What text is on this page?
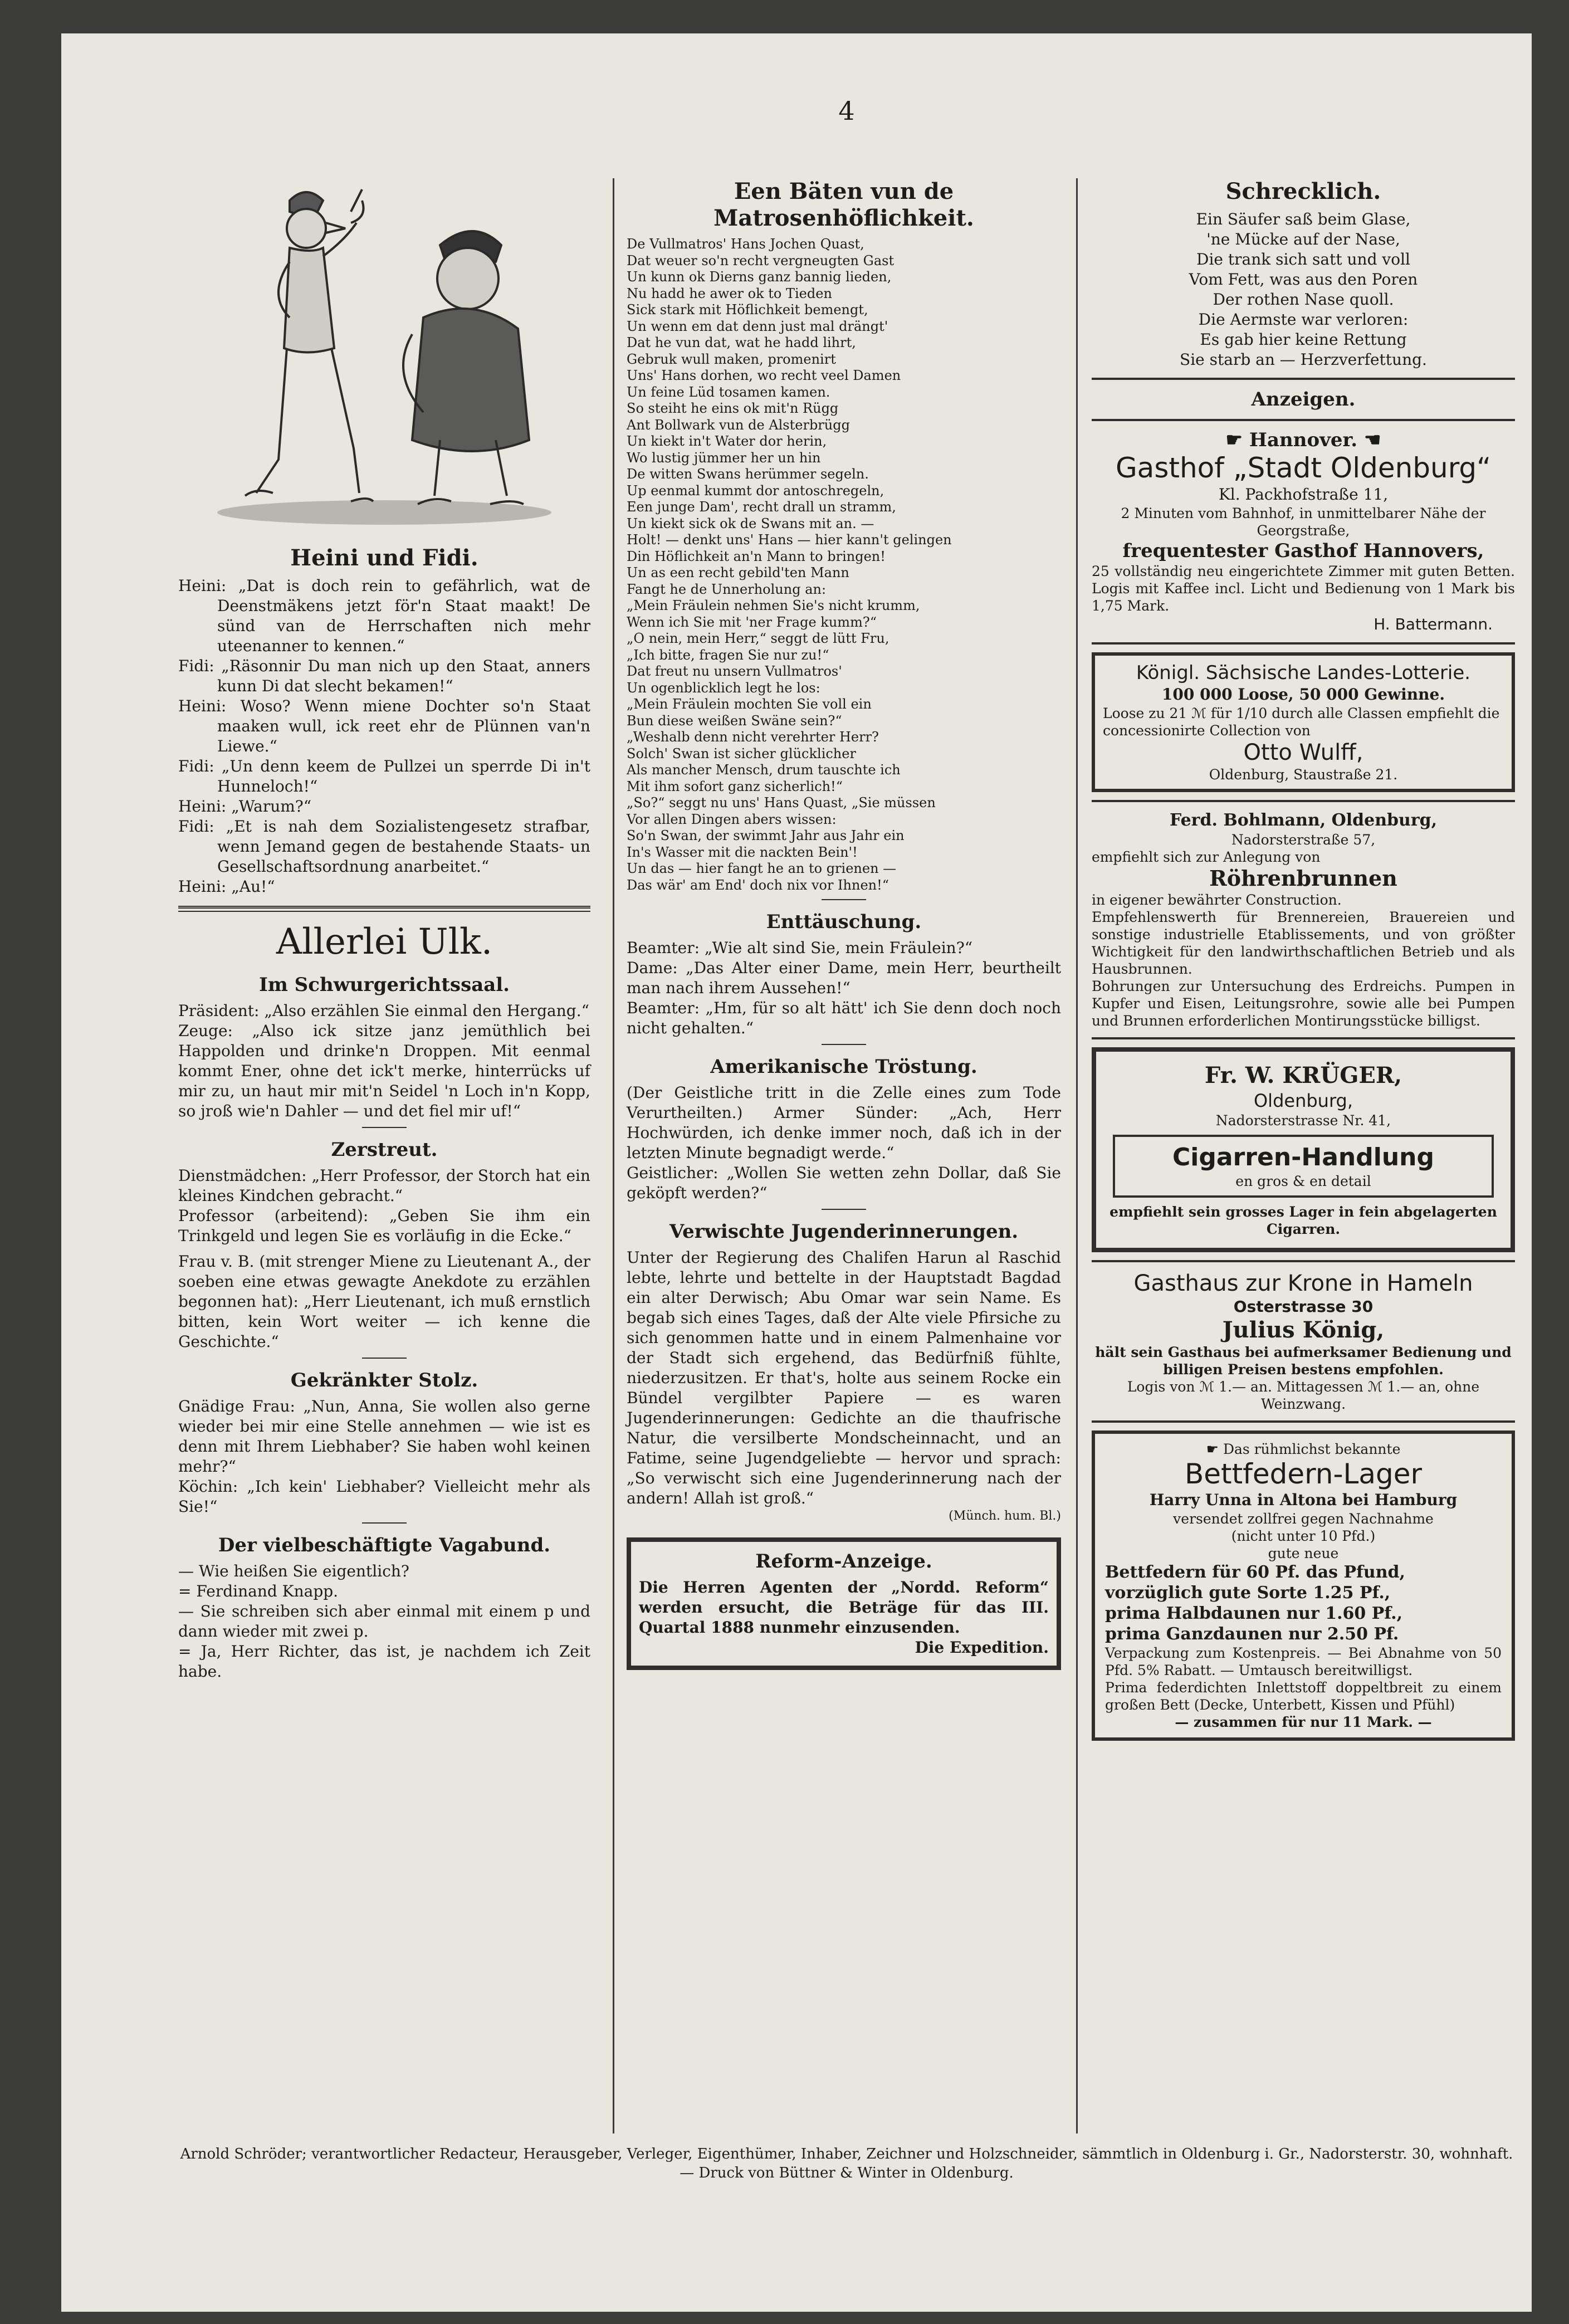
4
Heini und Fidi.

Heini: „Dat is doch rein to gefährlich, wat de Deenstmäkens jetzt för'n Staat maakt! De sünd van de Herrschaften nich mehr uteenanner to kennen.“

Fidi: „Räsonnir Du man nich up den Staat, anners kunn Di dat slecht bekamen!“

Heini: Woso? Wenn miene Dochter so'n Staat maaken wull, ick reet ehr de Plünnen van'n Liewe.“

Fidi: „Un denn keem de Pullzei un sperrde Di in't Hunneloch!“

Heini: „Warum?“

Fidi: „Et is nah dem Sozialistengesetz strafbar, wenn Jemand gegen de bestahende Staats- un Gesellschaftsordnung anarbeitet.“

Heini: „Au!“

Allerlei Ulk.
Im Schwurgerichtssaal.

Präsident: „Also erzählen Sie einmal den Hergang.“

Zeuge: „Also ick sitze janz jemüthlich bei Happolden und drinke'n Droppen. Mit eenmal kommt Ener, ohne det ick't merke, hinterrücks uf mir zu, un haut mir mit'n Seidel 'n Loch in'n Kopp, so jroß wie'n Dahler — und det fiel mir uf!“

Zerstreut.

Dienstmädchen: „Herr Professor, der Storch hat ein kleines Kindchen gebracht.“

Professor (arbeitend): „Geben Sie ihm ein Trinkgeld und legen Sie es vorläufig in die Ecke.“

Frau v. B. (mit strenger Miene zu Lieutenant A., der soeben eine etwas gewagte Anekdote zu erzählen begonnen hat): „Herr Lieutenant, ich muß ernstlich bitten, kein Wort weiter — ich kenne die Geschichte.“

Gekränkter Stolz.

Gnädige Frau: „Nun, Anna, Sie wollen also gerne wieder bei mir eine Stelle annehmen — wie ist es denn mit Ihrem Liebhaber? Sie haben wohl keinen mehr?“

Köchin: „Ich kein' Liebhaber? Vielleicht mehr als Sie!“

Der vielbeschäftigte Vagabund.

— Wie heißen Sie eigentlich?

= Ferdinand Knapp.

— Sie schreiben sich aber einmal mit einem p und dann wieder mit zwei p.

= Ja, Herr Richter, das ist, je nachdem ich Zeit habe.

Een Bäten vun de Matrosenhöflichkeit.
De Vullmatros' Hans Jochen Quast,
Dat weuer so'n recht vergneugten Gast
Un kunn ok Dierns ganz bannig lieden,
Nu hadd he awer ok to Tieden
Sick stark mit Höflichkeit bemengt,
Un wenn em dat denn just mal drängt'
Dat he vun dat, wat he hadd lihrt,
Gebruk wull maken, promenirt
Uns' Hans dorhen, wo recht veel Damen
Un feine Lüd tosamen kamen.
So steiht he eins ok mit'n Rügg
Ant Bollwark vun de Alsterbrügg
Un kiekt in't Water dor herin,
Wo lustig jümmer her un hin
De witten Swans herümmer segeln.
Up eenmal kummt dor antoschregeln,
Een junge Dam', recht drall un stramm,
Un kiekt sick ok de Swans mit an. —
Holt! — denkt uns' Hans — hier kann't gelingen
Din Höflichkeit an'n Mann to bringen!
Un as een recht gebild'ten Mann
Fangt he de Unnerholung an:
„Mein Fräulein nehmen Sie's nicht krumm,
Wenn ich Sie mit 'ner Frage kumm?“
„O nein, mein Herr,“ seggt de lütt Fru,
„Ich bitte, fragen Sie nur zu!“
Dat freut nu unsern Vullmatros'
Un ogenblicklich legt he los:
„Mein Fräulein mochten Sie voll ein
Bun diese weißen Swäne sein?“
„Weshalb denn nicht verehrter Herr?
Solch' Swan ist sicher glücklicher
Als mancher Mensch, drum tauschte ich
Mit ihm sofort ganz sicherlich!“
„So?“ seggt nu uns' Hans Quast, „Sie müssen
Vor allen Dingen abers wissen:
So'n Swan, der swimmt Jahr aus Jahr ein
In's Wasser mit die nackten Bein'!
Un das — hier fangt he an to grienen —
Das wär' am End' doch nix vor Ihnen!“
Enttäuschung.

Beamter: „Wie alt sind Sie, mein Fräulein?“

Dame: „Das Alter einer Dame, mein Herr, beurtheilt man nach ihrem Aussehen!“

Beamter: „Hm, für so alt hätt' ich Sie denn doch noch nicht gehalten.“

Amerikanische Tröstung.

(Der Geistliche tritt in die Zelle eines zum Tode Verurtheilten.) Armer Sünder: „Ach, Herr Hochwürden, ich denke immer noch, daß ich in der letzten Minute begnadigt werde.“

Geistlicher: „Wollen Sie wetten zehn Dollar, daß Sie geköpft werden?“

Verwischte Jugenderinnerungen.

Unter der Regierung des Chalifen Harun al Raschid lebte, lehrte und bettelte in der Hauptstadt Bagdad ein alter Derwisch; Abu Omar war sein Name. Es begab sich eines Tages, daß der Alte viele Pfirsiche zu sich genommen hatte und in einem Palmenhaine vor der Stadt sich ergehend, das Bedürfniß fühlte, niederzusitzen. Er that's, holte aus seinem Rocke ein Bündel vergilbter Papiere — es waren Jugenderinnerungen: Gedichte an die thaufrische Natur, die versilberte Mondscheinnacht, und an Fatime, seine Jugendgeliebte — hervor und sprach: „So verwischt sich eine Jugenderinnerung nach der andern! Allah ist groß.“

(Münch. hum. Bl.)

Reform-Anzeige.

Die Herren Agenten der „Nordd. Reform“ werden ersucht, die Beträge für das III. Quartal 1888 nunmehr einzusenden.

Die Expedition.

Schrecklich.
Ein Säufer saß beim Glase,
'ne Mücke auf der Nase,
Die trank sich satt und voll
Vom Fett, was aus den Poren
Der rothen Nase quoll.
Die Aermste war verloren:
Es gab hier keine Rettung
Sie starb an — Herzverfettung.
Anzeigen.

☛ Hannover. ☚

Gasthof „Stadt Oldenburg“

Kl. Packhofstraße 11,

2 Minuten vom Bahnhof, in unmittelbarer Nähe der Georgstraße,

frequentester Gasthof Hannovers,

25 vollständig neu eingerichtete Zimmer mit guten Betten. Logis mit Kaffee incl. Licht und Bedienung von 1 Mark bis 1,75 Mark.

H. Battermann.

Königl. Sächsische Landes-Lotterie.

100 000 Loose, 50 000 Gewinne.

Loose zu 21 ℳ für 1/10 durch alle Classen empfiehlt die concessionirte Collection von

Otto Wulff,

Oldenburg, Staustraße 21.

Ferd. Bohlmann, Oldenburg,

Nadorsterstraße 57,

empfiehlt sich zur Anlegung von

Röhrenbrunnen

in eigener bewährter Construction.

Empfehlenswerth für Brennereien, Brauereien und sonstige industrielle Etablissements, und von größter Wichtigkeit für den landwirthschaftlichen Betrieb und als Hausbrunnen.

Bohrungen zur Untersuchung des Erdreichs. Pumpen in Kupfer und Eisen, Leitungsrohre, sowie alle bei Pumpen und Brunnen erforderlichen Montirungsstücke billigst.

Fr. W. KRÜGER,

Oldenburg,

Nadorsterstrasse Nr. 41,

Cigarren-Handlung

en gros & en detail

empfiehlt sein grosses Lager in fein abgelagerten Cigarren.

Gasthaus zur Krone in Hameln

Osterstrasse 30

Julius König,

hält sein Gasthaus bei aufmerksamer Bedienung und billigen Preisen bestens empfohlen.

Logis von ℳ 1.— an. Mittagessen ℳ 1.— an, ohne Weinzwang.

☛ Das rühmlichst bekannte

Bettfedern-Lager

Harry Unna in Altona bei Hamburg

versendet zollfrei gegen Nachnahme

(nicht unter 10 Pfd.)

gute neue

Bettfedern für 60 Pf. das Pfund,

vorzüglich gute Sorte 1.25 Pf.,

prima Halbdaunen nur 1.60 Pf.,

prima Ganzdaunen nur 2.50 Pf.

Verpackung zum Kostenpreis. — Bei Abnahme von 50 Pfd. 5% Rabatt. — Umtausch bereitwilligst.

Prima federdichten Inlettstoff doppeltbreit zu einem großen Bett (Decke, Unterbett, Kissen und Pfühl)

— zusammen für nur 11 Mark. —

Arnold Schröder; verantwortlicher Redacteur, Herausgeber, Verleger, Eigenthümer, Inhaber, Zeichner und Holzschneider, sämmtlich in Oldenburg i. Gr., Nadorsterstr. 30, wohnhaft. — Druck von Büttner & Winter in Oldenburg.
